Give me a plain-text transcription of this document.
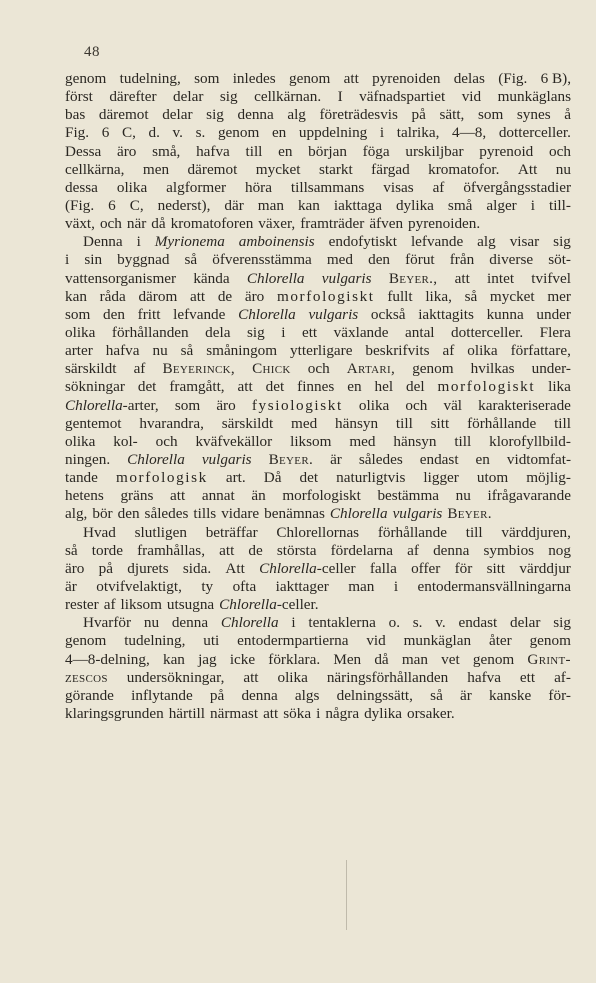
48
genom tudelning, som inledes genom att pyrenoiden delas (Fig. 6 B),
först därefter delar sig cellkärnan. I väfnadspartiet vid munkäglans
bas däremot delar sig denna alg företrädesvis på sätt, som synes å
Fig. 6 C, d. v. s. genom en uppdelning i talrika, 4—8, dotterceller.
Dessa äro små, hafva till en början föga urskiljbar pyrenoid och
cellkärna, men däremot mycket starkt färgad kromatofor. Att nu
dessa olika algformer höra tillsammans visas af öfvergångsstadier
(Fig. 6 C, nederst), där man kan iakttaga dylika små alger i till-
växt, och när då kromatoforen växer, framträder äfven pyrenoiden.
Denna i Myrionema amboinensis endofytiskt lefvande alg visar sig
i sin byggnad så öfverensstämma med den förut från diverse söt-
vattensorganismer kända Chlorella vulgaris Beyer., att intet tvifvel
kan råda därom att de äro morfologiskt fullt lika, så mycket mer
som den fritt lefvande Chlorella vulgaris också iakttagits kunna under
olika förhållanden dela sig i ett växlande antal dotterceller. Flera
arter hafva nu så småningom ytterligare beskrifvits af olika författare,
särskildt af Beyerinck, Chick och Artari, genom hvilkas under-
sökningar det framgått, att det finnes en hel del morfologiskt lika
Chlorella-arter, som äro fysiologiskt olika och väl karakteriserade
gentemot hvarandra, särskildt med hänsyn till sitt förhållande till
olika kol- och kväfvekällor liksom med hänsyn till klorofyllbild-
ningen. Chlorella vulgaris Beyer. är således endast en vidtomfat-
tande morfologisk art. Då det naturligtvis ligger utom möjlig-
hetens gräns att annat än morfologiskt bestämma nu ifrågavarande
alg, bör den således tills vidare benämnas Chlorella vulgaris Beyer.
Hvad slutligen beträffar Chlorellornas förhållande till värddjuren,
så torde framhållas, att de största fördelarna af denna symbios nog
äro på djurets sida. Att Chlorella-celler falla offer för sitt värddjur
är otvifvelaktigt, ty ofta iakttager man i entodermansvällningarna
rester af liksom utsugna Chlorella-celler.
Hvarför nu denna Chlorella i tentaklerna o. s. v. endast delar sig
genom tudelning, uti entodermpartierna vid munkäglan åter genom
4—8-delning, kan jag icke förklara. Men då man vet genom Grint-
zescos undersökningar, att olika näringsförhållanden hafva ett af-
görande inflytande på denna algs delningssätt, så är kanske för-
klaringsgrunden härtill närmast att söka i några dylika orsaker.
